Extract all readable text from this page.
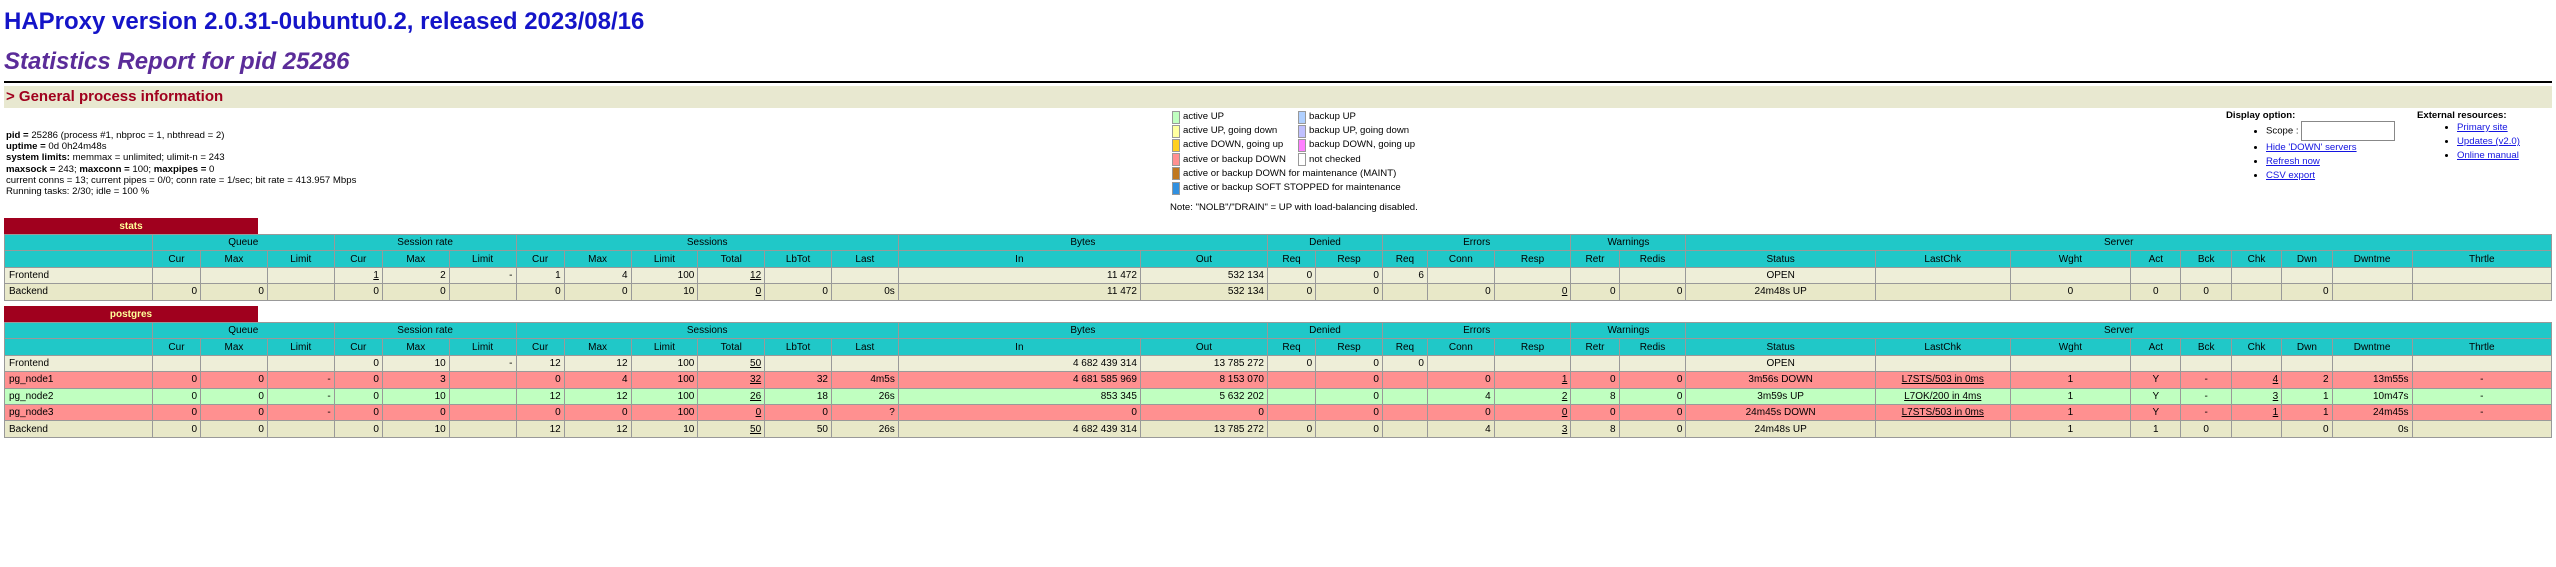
HAProxy version 2.0.31-0ubuntu0.2, released 2023/08/16
Statistics Report for pid 25286
> General process information
pid = 25286 (process #1, nbproc = 1, nbthread = 2)
uptime = 0d 0h24m48s
system limits: memmax = unlimited; ulimit-n = 243
maxsock = 243; maxconn = 100; maxpipes = 0
current conns = 13; current pipes = 0/0; conn rate = 1/sec; bit rate = 413.957 Mbps
Running tasks: 2/30; idle = 100 %
active UP
active UP, going down
active DOWN, going up
active or backup DOWN
active or backup DOWN for maintenance (MAINT)
active or backup SOFT STOPPED for maintenance
backup UP
backup UP, going down
backup DOWN, going up
not checked
Note: "NOLB"/"DRAIN" = UP with load-balancing disabled.
Display option:
• Scope :
• Hide 'DOWN' servers
• Refresh now
• CSV export
External resources:
• Primary site
• Updates (v2.0)
• Online manual
stats
	Queue			Session rate			Sessions						Bytes		Denied		Errors			Warnings		Server								
	Cur	Max	Limit	Cur	Max	Limit	Cur	Max	Limit	Total	LbTot	Last	In	Out	Req	Resp	Req	Conn	Resp	Retr	Redis	Status	LastChk	Wght	Act	Bck	Chk	Dwn	Dwntme	Thrtle
Frontend				1	2	-	1	4	100	12			11 472	532 134	0	0	6					OPEN								
Backend	0	0		0	0		0	0	10	0	0	0s	11 472	532 134	0	0		0	0	0	0	24m48s UP		0	0	0		0		
postgres
	Queue			Session rate			Sessions						Bytes		Denied		Errors			Warnings		Server								
	Cur	Max	Limit	Cur	Max	Limit	Cur	Max	Limit	Total	LbTot	Last	In	Out	Req	Resp	Req	Conn	Resp	Retr	Redis	Status	LastChk	Wght	Act	Bck	Chk	Dwn	Dwntme	Thrtle
Frontend				0	10	-	12	12	100	50			4 682 439 314	13 785 272	0	0	0					OPEN								
pg_node1	0	0	-	0	3		0	4	100	32	32	4m5s	4 681 585 969	8 153 070		0		0	1	0	0	3m56s DOWN	L7STS/503 in 0ms	1	Y	-	4	2	13m55s	-
pg_node2	0	0	-	0	10		12	12	100	26	18	26s	853 345	5 632 202		0		4	2	8	0	3m59s UP	L7OK/200 in 4ms	1	Y	-	3	1	10m47s	-
pg_node3	0	0	-	0	0		0	0	100	0	0	?	0	0		0		0	0	0	0	24m45s DOWN	L7STS/503 in 0ms	1	Y	-	1	1	24m45s	-
Backend	0	0		0	10		12	12	10	50	50	26s	4 682 439 314	13 785 272	0	0		4	3	8	0	24m48s UP		1	1	0		0	0s	
